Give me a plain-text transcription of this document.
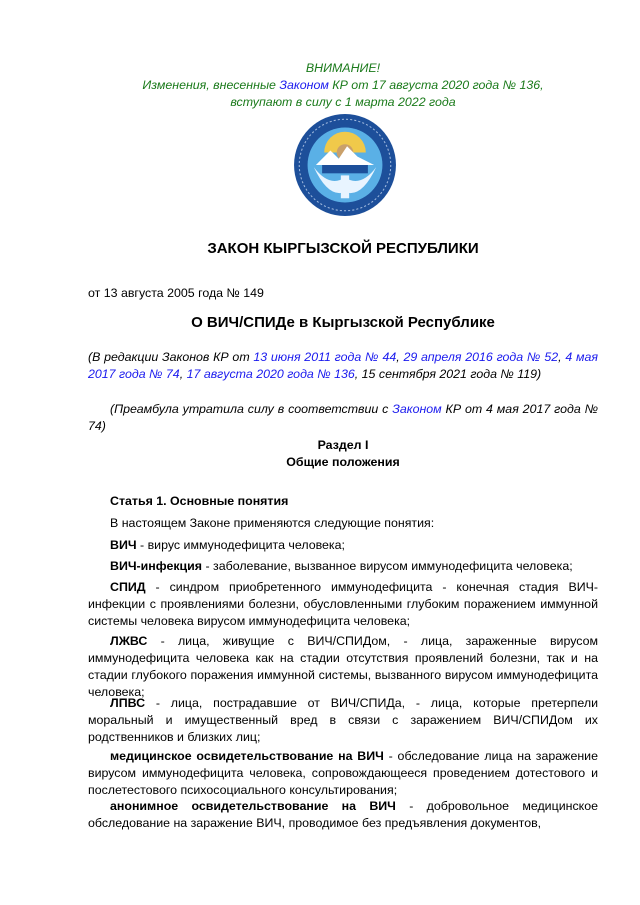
ВНИМАНИЕ!
Изменения, внесенные Законом КР от 17 августа 2020 года № 136,
вступают в силу с 1 марта 2022 года
ЗАКОН КЫРГЫЗСКОЙ РЕСПУБЛИКИ
от 13 августа 2005 года № 149
О ВИЧ/СПИДе в Кыргызской Республике
(В редакции Законов КР от 13 июня 2011 года № 44, 29 апреля 2016 года № 52, 4 мая 2017 года № 74, 17 августа 2020 года № 136, 15 сентября 2021 года № 119)
(Преамбула утратила силу в соответствии с Законом КР от 4 мая 2017 года № 74)
Раздел I
Общие положения
Статья 1. Основные понятия
В настоящем Законе применяются следующие понятия:
ВИЧ - вирус иммунодефицита человека;
ВИЧ-инфекция - заболевание, вызванное вирусом иммунодефицита человека;
СПИД - синдром приобретенного иммунодефицита - конечная стадия ВИЧ-инфекции с проявлениями болезни, обусловленными глубоким поражением иммунной системы человека вирусом иммунодефицита человека;
ЛЖВС - лица, живущие с ВИЧ/СПИДом, - лица, зараженные вирусом иммунодефицита человека как на стадии отсутствия проявлений болезни, так и на стадии глубокого поражения иммунной системы, вызванного вирусом иммунодефицита человека;
ЛПВС - лица, пострадавшие от ВИЧ/СПИДа, - лица, которые претерпели моральный и имущественный вред в связи с заражением ВИЧ/СПИДом их родственников и близких лиц;
медицинское освидетельствование на ВИЧ - обследование лица на заражение вирусом иммунодефицита человека, сопровождающееся проведением дотестового и послетестового психосоциального консультирования;
анонимное освидетельствование на ВИЧ - добровольное медицинское обследование на заражение ВИЧ, проводимое без предъявления документов,
